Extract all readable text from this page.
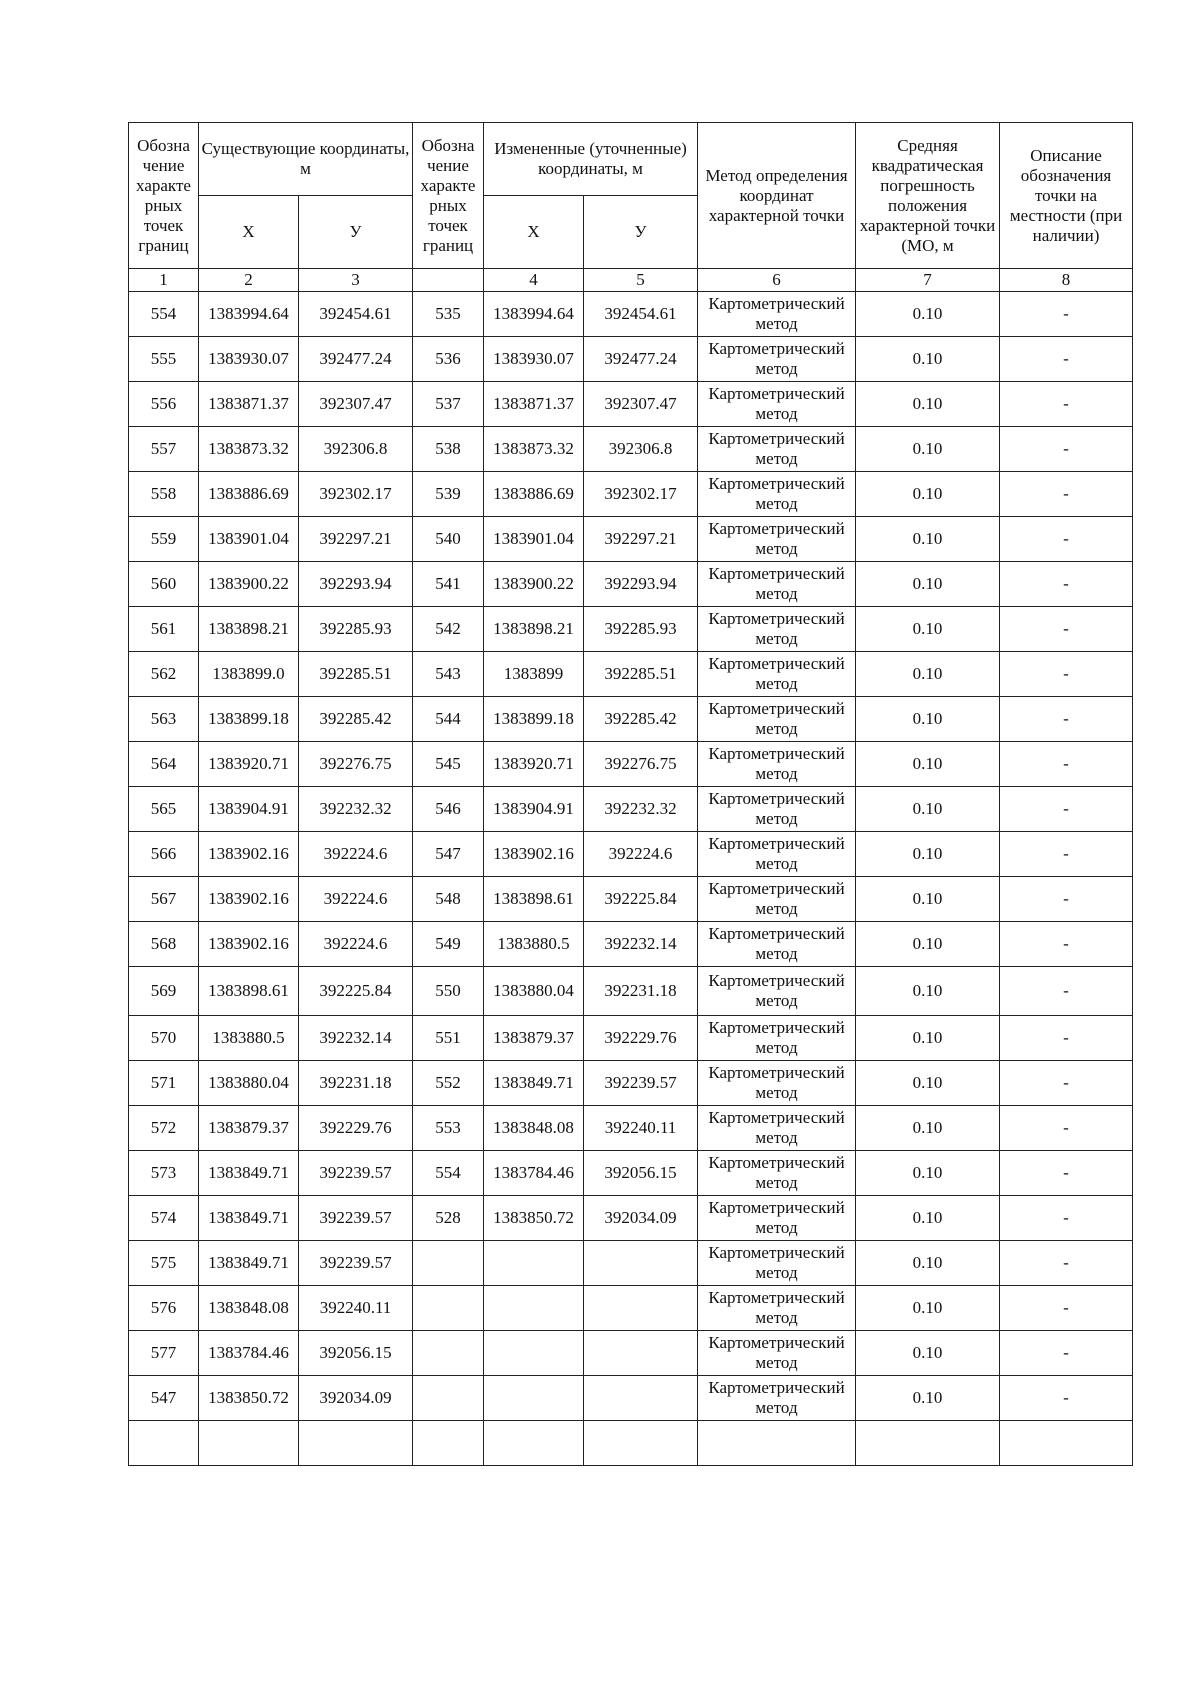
Обозна чение характе рных точек границ	Существующие координаты, м		Обозна чение характе рных точек границ	Измененные (уточненные) координаты, м		Метод определения координат характерной точки	Средняя квадратическая погрешность положения характерной точки (МО, м	Описание обозначения точки на местности (при наличии)
	Х	У		Х	У			
1	2	3		4	5	6	7	8
554	1383994.64	392454.61	535	1383994.64	392454.61	Картометрический метод	0.10	-
555	1383930.07	392477.24	536	1383930.07	392477.24	Картометрический метод	0.10	-
556	1383871.37	392307.47	537	1383871.37	392307.47	Картометрический метод	0.10	-
557	1383873.32	392306.8	538	1383873.32	392306.8	Картометрический метод	0.10	-
558	1383886.69	392302.17	539	1383886.69	392302.17	Картометрический метод	0.10	-
559	1383901.04	392297.21	540	1383901.04	392297.21	Картометрический метод	0.10	-
560	1383900.22	392293.94	541	1383900.22	392293.94	Картометрический метод	0.10	-
561	1383898.21	392285.93	542	1383898.21	392285.93	Картометрический метод	0.10	-
562	1383899.0	392285.51	543	1383899	392285.51	Картометрический метод	0.10	-
563	1383899.18	392285.42	544	1383899.18	392285.42	Картометрический метод	0.10	-
564	1383920.71	392276.75	545	1383920.71	392276.75	Картометрический метод	0.10	-
565	1383904.91	392232.32	546	1383904.91	392232.32	Картометрический метод	0.10	-
566	1383902.16	392224.6	547	1383902.16	392224.6	Картометрический метод	0.10	-
567	1383902.16	392224.6	548	1383898.61	392225.84	Картометрический метод	0.10	-
568	1383902.16	392224.6	549	1383880.5	392232.14	Картометрический метод	0.10	-
569	1383898.61	392225.84	550	1383880.04	392231.18	Картометрический метод	0.10	-
570	1383880.5	392232.14	551	1383879.37	392229.76	Картометрический метод	0.10	-
571	1383880.04	392231.18	552	1383849.71	392239.57	Картометрический метод	0.10	-
572	1383879.37	392229.76	553	1383848.08	392240.11	Картометрический метод	0.10	-
573	1383849.71	392239.57	554	1383784.46	392056.15	Картометрический метод	0.10	-
574	1383849.71	392239.57	528	1383850.72	392034.09	Картометрический метод	0.10	-
575	1383849.71	392239.57				Картометрический метод	0.10	-
576	1383848.08	392240.11				Картометрический метод	0.10	-
577	1383784.46	392056.15				Картометрический метод	0.10	-
547	1383850.72	392034.09				Картометрический метод	0.10	-
